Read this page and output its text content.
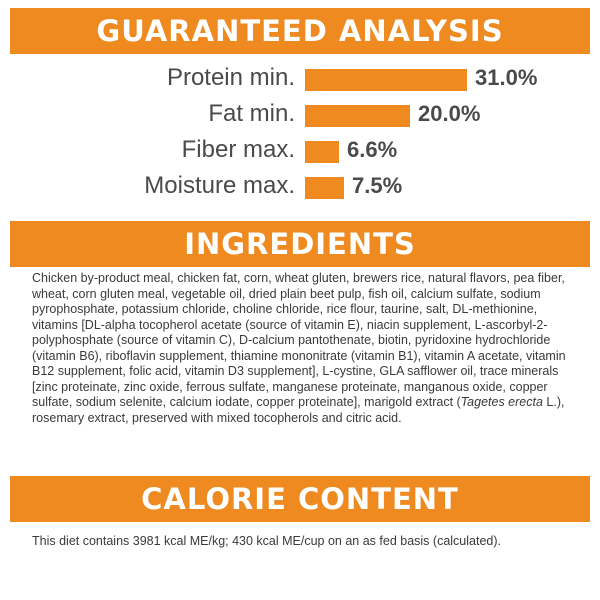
GUARANTEED ANALYSIS
Protein min.	31.0%
Fat min.	20.0%
Fiber max. 6.6%
Moisture max.	7.5%
INGREDIENTS

Chicken by-product meal, chicken fat, corn, wheat gluten, brewers rice, natural flavors, pea fiber, wheat, corn gluten meal, vegetable oil, dried plain beet pulp, fish oil, calcium sulfate, sodium pyrophosphate, potassium chloride, choline chloride, rice flour, taurine, salt, DL-methionine, vitamins [DL-alpha tocopherol acetate (source of vitamin E), niacin supplement, L-ascorbyl-2-polyphosphate (source of vitamin C), D-calcium pantothenate, biotin, pyridoxine hydrochloride (vitamin B6), riboflavin supplement, thiamine mononitrate (vitamin B1), vitamin A acetate, vitamin B12 supplement, folic acid, vitamin D3 supplement], L-cystine, GLA safflower oil, trace minerals [zinc proteinate, zinc oxide, ferrous sulfate, manganese proteinate, manganous oxide, copper sulfate, sodium selenite, calcium iodate, copper proteinate], marigold extract (Tagetes erecta L.), rosemary extract, preserved with mixed tocopherols and citric acid.

CALORIE CONTENT

This diet contains 3981 kcal ME/kg; 430 kcal ME/cup on an as fed basis (calculated).
